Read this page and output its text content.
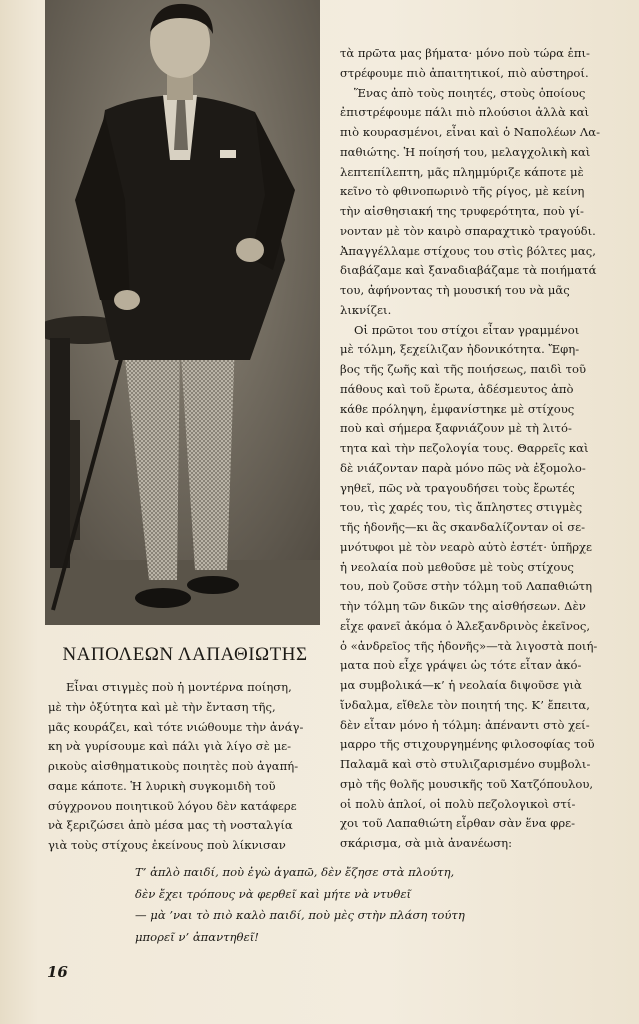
ΝΑΠΟΛΕΩΝ ΛΑΠΑΘΙΩΤΗΣ

Εἶναι στιγμὲς ποὺ ἡ μοντέρνα ποίηση,
μὲ τὴν ὀξύτητα καὶ μὲ τὴν ἔνταση τῆς,
μᾶς κουράζει, καὶ τότε νιώθουμε τὴν ἀνάγ-
κη νὰ γυρίσουμε καὶ πάλι γιὰ λίγο σὲ με-
ρικοὺς αἰσθηματικοὺς ποιητὲς ποὺ ἀγαπή-
σαμε κάποτε. Ἡ λυρικὴ συγκομιδὴ τοῦ
σύγχρονου ποιητικοῦ λόγου δὲν κατάφερε
νὰ ξεριζώσει ἀπὸ μέσα μας τὴ νοσταλγία
γιὰ τοὺς στίχους ἐκείνους ποὺ λίκνισαν

τὰ πρῶτα μας βήματα· μόνο ποὺ τώρα ἐπι-
στρέφουμε πιὸ ἀπαιτητικοί, πιὸ αὐστηροί.

Ἕνας ἀπὸ τοὺς ποιητές, στοὺς ὁποίους
ἐπιστρέφουμε πάλι πιὸ πλούσιοι ἀλλὰ καὶ
πιὸ κουρασμένοι, εἶναι καὶ ὁ Ναπολέων Λα-
παθιώτης. Ἡ ποίησή του, μελαγχολικὴ καὶ
λεπτεπίλεπτη, μᾶς πλημμύριζε κάποτε μὲ
κεῖνο τὸ φθινοπωρινὸ τῆς ρίγος, μὲ κείνη
τὴν αἰσθησιακή της τρυφερότητα, ποὺ γί-
νονταν μὲ τὸν καιρὸ σπαραχτικὸ τραγούδι.
Ἀπαγγέλλαμε στίχους του στὶς βόλτες μας,
διαβάζαμε καὶ ξαναδιαβάζαμε τὰ ποιήματά
του, ἀφήνοντας τὴ μουσική του νὰ μᾶς
λικνίζει.

Οἱ πρῶτοι του στίχοι εἶταν γραμμένοι
μὲ τόλμη, ξεχείλιζαν ἡδονικότητα. Ἔφη-
βος τῆς ζωῆς καὶ τῆς ποιήσεως, παιδὶ τοῦ
πάθους καὶ τοῦ ἔρωτα, ἀδέσμευτος ἀπὸ
κάθε πρόληψη, ἐμφανίστηκε μὲ στίχους
ποὺ καὶ σήμερα ξαφνιάζουν μὲ τὴ λιτό-
τητα καὶ τὴν πεζολογία τους. Θαρρεῖς καὶ
δὲ νιάζονταν παρὰ μόνο πῶς νὰ ἐξομολο-
γηθεῖ, πῶς νὰ τραγουδήσει τοὺς ἔρωτές
του, τὶς χαρές του, τὶς ἄπληστες στιγμὲς
τῆς ἡδονῆς—κι ἂς σκανδαλίζονταν οἱ σε-
μνότυφοι μὲ τὸν νεαρὸ αὐτὸ ἐστέτ· ὑπῆρχε
ἡ νεολαία ποὺ μεθοῦσε μὲ τοὺς στίχους
του, ποὺ ζοῦσε στὴν τόλμη τοῦ Λαπαθιώτη
τὴν τόλμη τῶν δικῶν της αἰσθήσεων. Δὲν
εἶχε φανεῖ ἀκόμα ὁ Ἀλεξανδρινὸς ἐκεῖνος,
ὁ «ἀνδρεῖος τῆς ἡδονῆς»—τὰ λιγοστὰ ποιή-
ματα ποὺ εἶχε γράψει ὡς τότε εἶταν ἀκό-
μα συμβολικά—κ’ ἡ νεολαία διψοῦσε γιὰ
ἴνδαλμα, εἴθελε τὸν ποιητή της. Κ’ ἔπειτα,
δὲν εἶταν μόνο ἡ τόλμη: ἀπέναντι στὸ χεί-
μαρρο τῆς στιχουργημένης φιλοσοφίας τοῦ
Παλαμᾶ καὶ στὸ στυλιζαρισμένο συμβολι-
σμὸ τῆς θολῆς μουσικῆς τοῦ Χατζόπουλου,
οἱ πολὺ ἁπλοί, οἱ πολὺ πεζολογικοὶ στί-
χοι τοῦ Λαπαθιώτη εἶρθαν σὰν ἕνα φρε-
σκάρισμα, σὰ μιὰ ἀνανέωση:

Τ’ ἁπλὸ παιδί, ποὺ ἐγὼ ἀγαπῶ, δὲν ἔζησε στὰ πλούτη,
δὲν ἔχει τρόπους νὰ φερθεῖ καὶ μήτε νὰ ντυθεῖ
— μὰ ’ναι τὸ πιὸ καλὸ παιδί, ποὺ μὲς στὴν πλάση τούτη
μπορεῖ ν’ ἀπαντηθεῖ!
16
